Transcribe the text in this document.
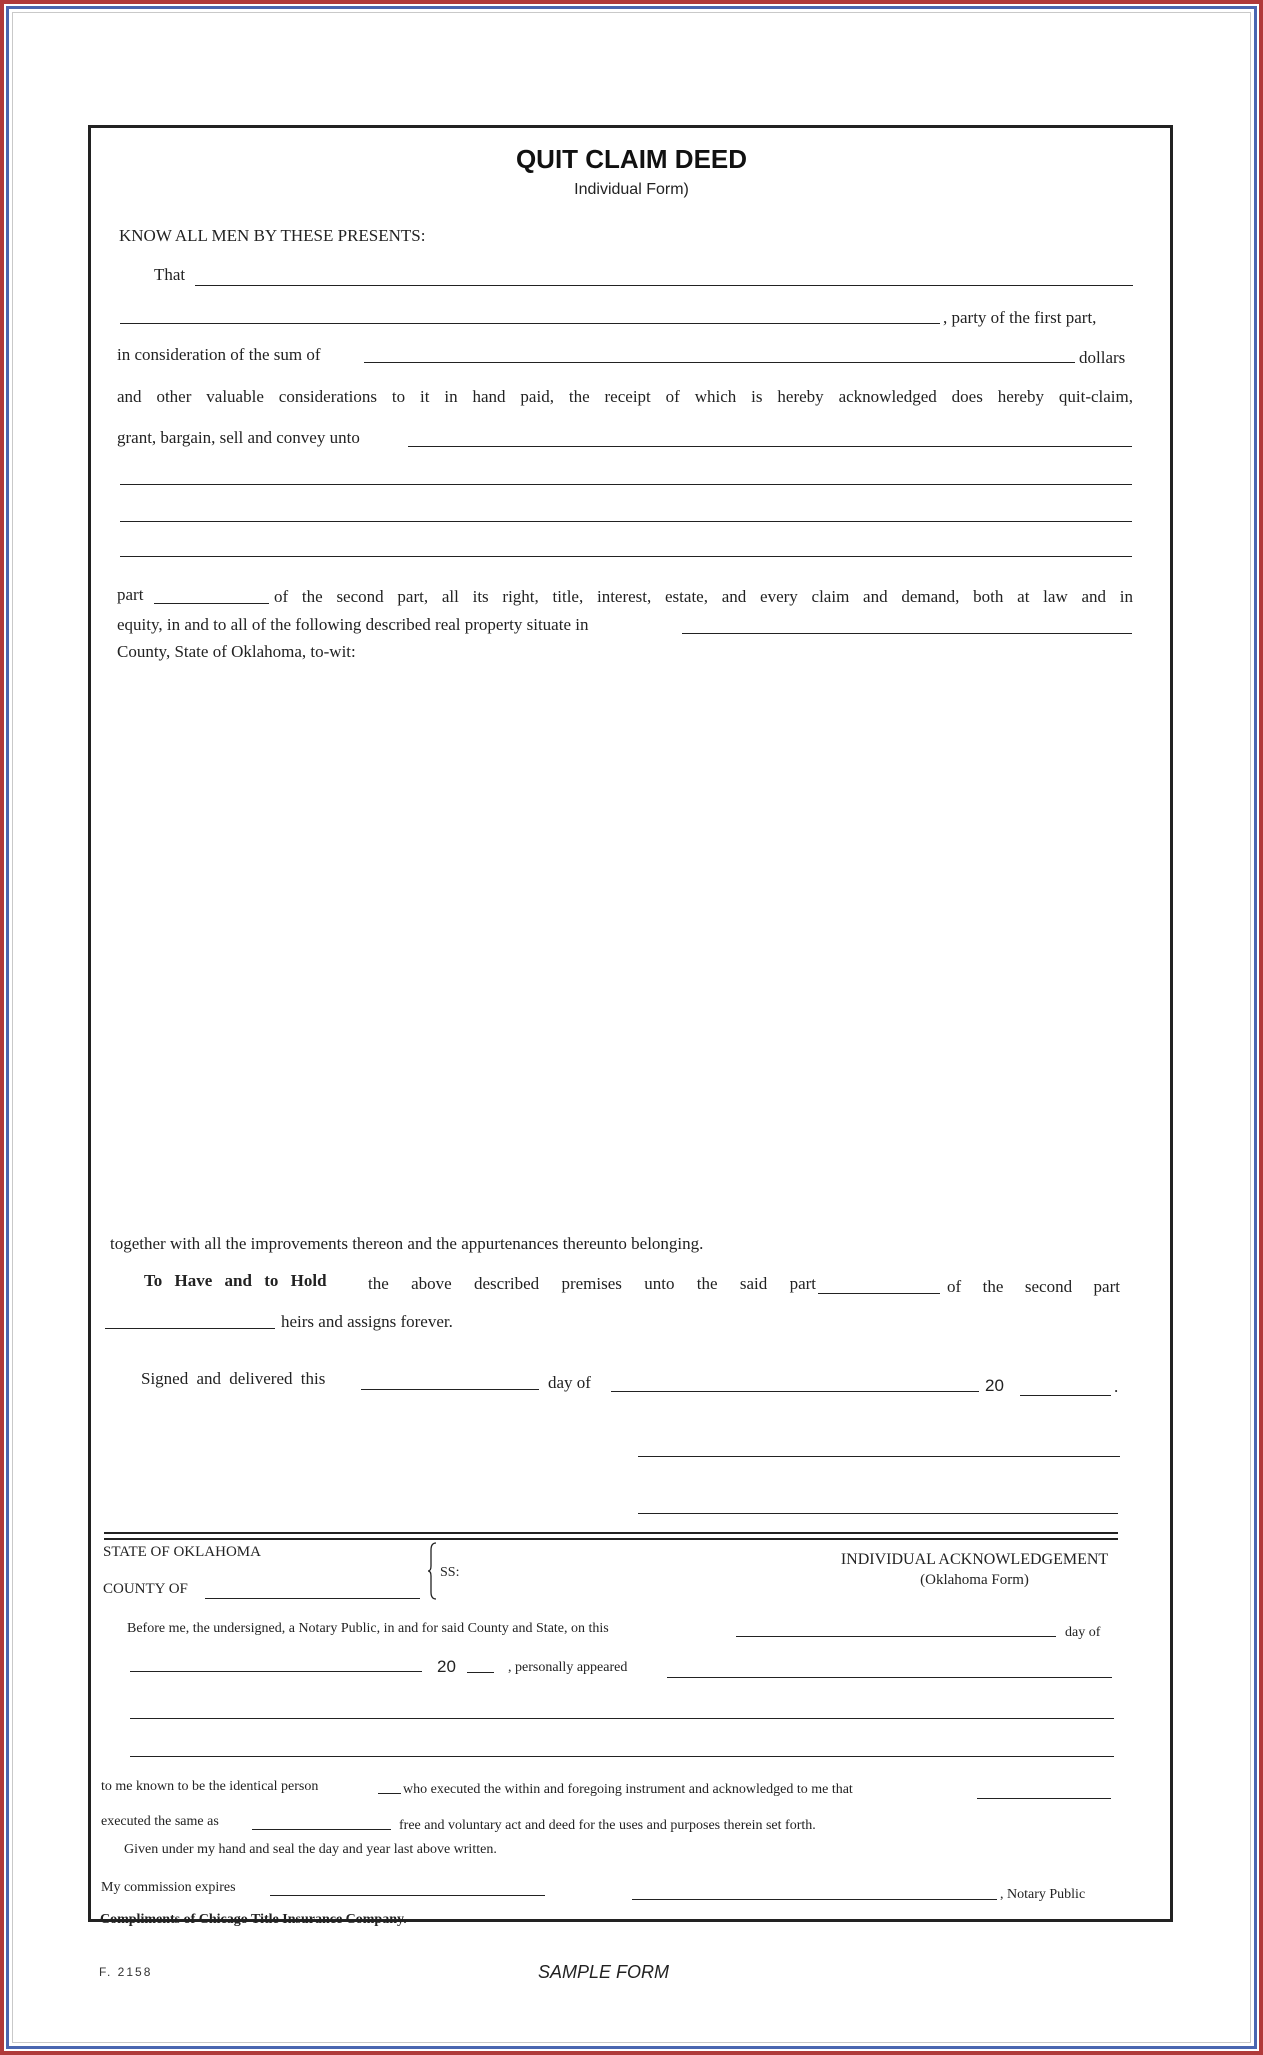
QUIT CLAIM DEED
Individual Form)
KNOW ALL MEN BY THESE PRESENTS:
That
, party of the first part,
in consideration of the sum of	dollars
and other valuable considerations to it in hand paid, the receipt of which is hereby acknowledged does hereby quit-claim,
grant, bargain, sell and convey unto
part	of the second part, all its right, title, interest, estate, and every claim and demand, both at law and in
equity, in and to all of the following described real property situate in
County, State of Oklahoma, to-wit:
together with all the improvements thereon and the appurtenances thereunto belonging.
To Have and to Hold the above described premises unto the said part	of the second part
heirs and assigns forever.
Signed and delivered this	day of	20	.
STATE OF OKLAHOMA
COUNTY OF
SS:
INDIVIDUAL ACKNOWLEDGEMENT
(Oklahoma Form)
Before me, the undersigned, a Notary Public, in and for said County and State, on this	day of
20	, personally appeared
to me known to be the identical person	who executed the within and foregoing instrument and acknowledged to me that
executed the same as	free and voluntary act and deed for the uses and purposes therein set forth.
Given under my hand and seal the day and year last above written.
My commission expires	, Notary Public
Compliments of Chicago Title Insurance Company.
F. 2158	SAMPLE FORM
